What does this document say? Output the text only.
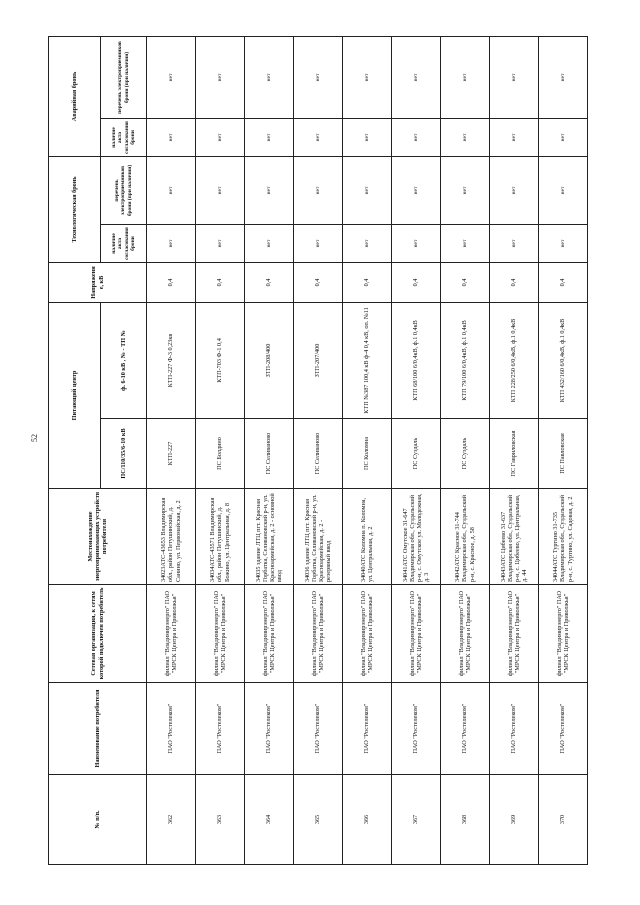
52
№ п/п.	Наименование потребителя	Сетевая организация, к сетям которой подключен потребитель	Местонахождение энергопринимающих устройств потребителя	Питающий центр		Напряжение, кВ	Технологическая бронь		Аварийная бронь	
				ПС/110/35/6-10 кВ	ф. 6-10 кВ , № - ТП №		наличие акта согласования брони	перечень электроприемников брони (при наличии)	наличие акта согласования брони	перечень электроприемников брони (при наличии)
362	ПАО "Ростелеком"	филиал "Владимирэнерго" ПАО "МРСК Центра и Приволжья"	34023АТС-43653 Владимирская обл., район Петушинский, д. Санино, ул. Первомайская, д. 2	КТП-227	КТП-227 Ф-3 0,23кв	0,4	нет	нет	нет	нет
363	ПАО "Ростелеком"	филиал "Владимирэнерго" ПАО "МРСК Центра и Приволжья"	34034АТС-43571 Владимирская обл., район Петушинский, д. Божино, ул. Центральная, д. 8	ПС Болдино	КТП-703 Ф-1 0,4	0,4	нет	нет	нет	нет
364	ПАО "Ростелеком"	филиал "Владимирэнерго" ПАО "МРСК Центра и Приволжья"	34035 здание ЛТЦ пгт. Красная Горбатка, Селивановский р-н, ул. Красноармейская, д. 2 - основной ввод	ПС Селивановo	ЗТП-208/400	0,4	нет	нет	нет	нет
365	ПАО "Ростелеком"	филиал "Владимирэнерго" ПАО "МРСК Центра и Приволжья"	34036 здание ЛТЦ пгт. Красная Горбатка, Селивановский р-н, ул. Красноармейская, д. 2 - резервный ввод	ПС Селивановo	ЗТП-207/400	0,4	нет	нет	нет	нет
366	ПАО "Ростелеком"	филиал "Владимирэнерго" ПАО "МРСК Центра и Приволжья"	34040АТС Коломна п. Коломна, ул. Центральная, д. 2	ПС Коломна	КТП №387 100,4 кВ ф-4 0,4 кВ, оп. №11	0,4	нет	нет	нет	нет
367	ПАО "Ростелеком"	филиал "Владимирэнерго" ПАО "МРСК Центра и Приволжья"	34041АТС Омутское 31-647 Владимирская обл., Суздальский р-н, с. Омутское ул. Молодежная, д. 3	ПС Суздаль	КТП 68/100 6/0,4кВ, ф.1 0,4кВ	0,4	нет	нет	нет	нет
368	ПАО "Ростелеком"	филиал "Владимирэнерго" ПАО "МРСК Центра и Приволжья"	34042АТС Красное 31-744 Владимирская обл., Суздальский р-н, с. Красное, д. 58	ПС Суздаль	КТП 79/100 6/0,4кВ, ф.1 0,4кВ	0,4	нет	нет	нет	нет
369	ПАО "Ростелеком"	филиал "Владимирэнерго" ПАО "МРСК Центра и Приволжья"	34043АТС Цибеево 31-637 Владимирская обл., Суздальский р-н, с. Цибеево, ул. Центральная, д. 44	ПС Гавриловская	КТП 228/250 6/0,4кВ, ф.1 0,4кВ	0,4	нет	нет	нет	нет
370	ПАО "Ростелеком"	филиал "Владимирэнерго" ПАО "МРСК Центра и Приволжья"	34044АТС Туртино 31-735 Владимирская обл., Суздальский р-н, с. Туртино, ул. Садовая, д. 2	ПС Павловская	КТП 432/160 6/0,4кВ, ф.1 0,4кВ	0,4	нет	нет	нет	нет
